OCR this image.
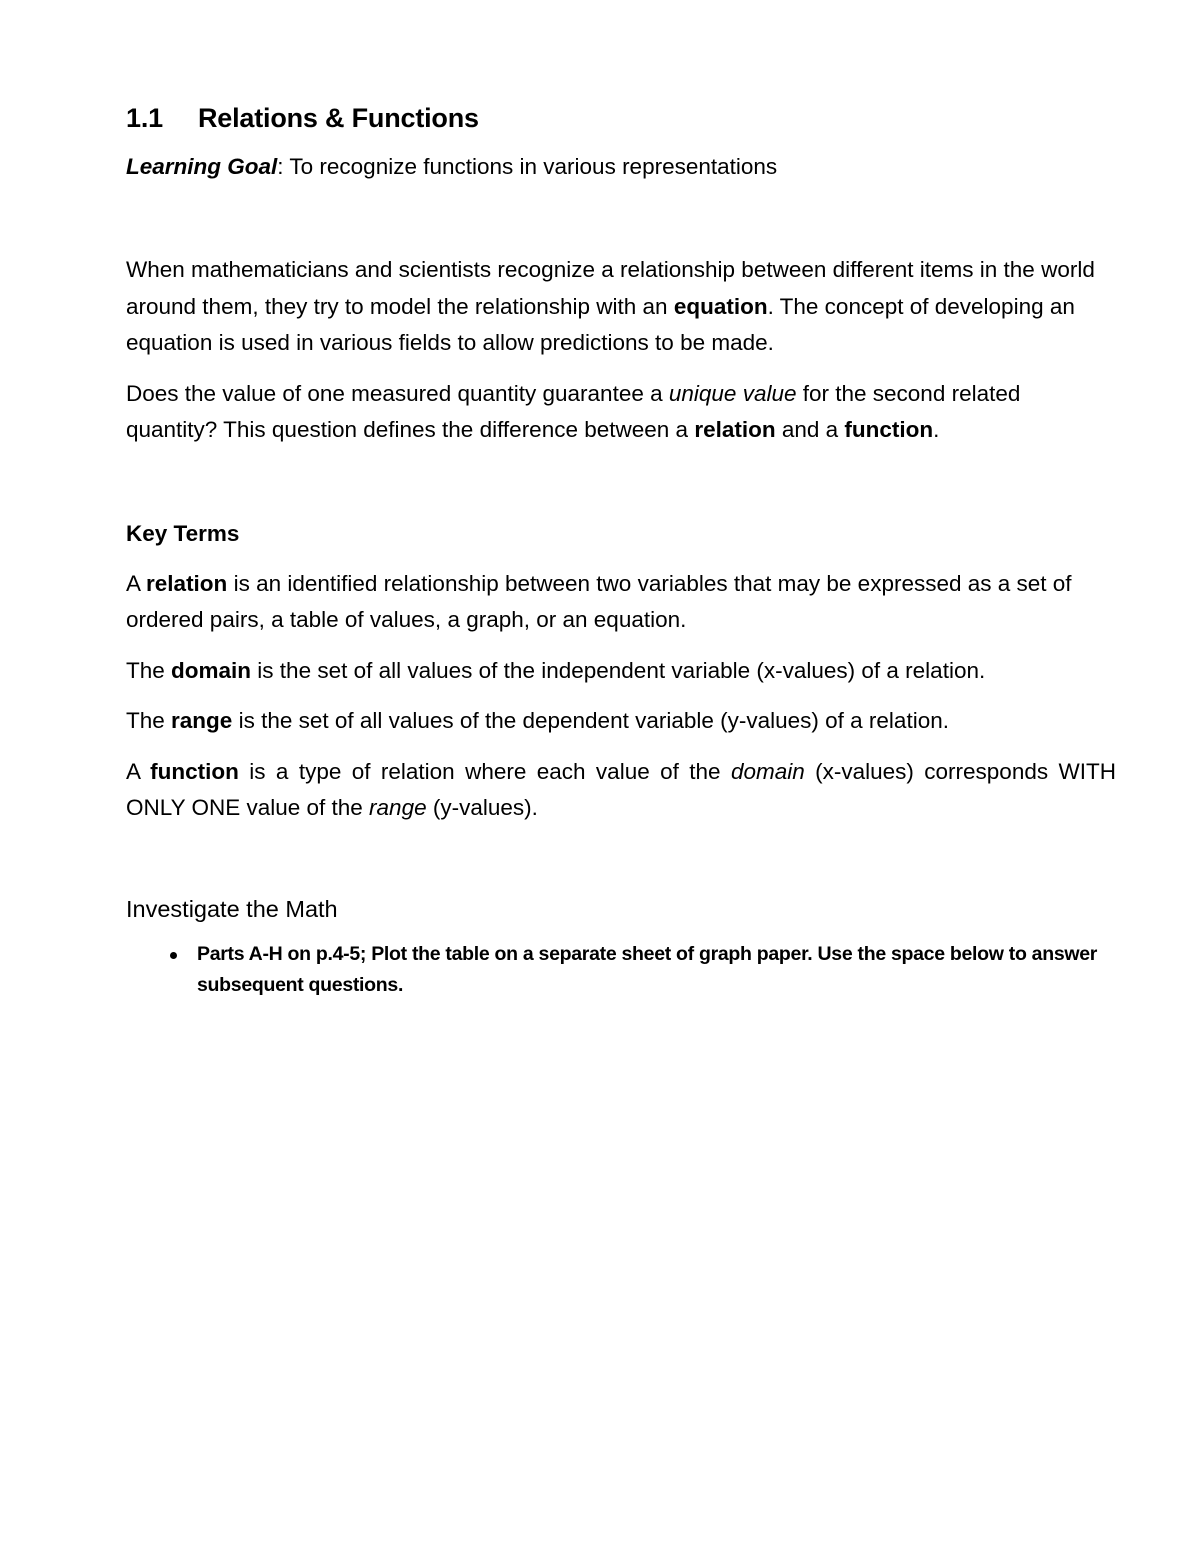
1.1 Relations & Functions
Learning Goal: To recognize functions in various representations

When mathematicians and scientists recognize a relationship between different items in the world around them, they try to model the relationship with an equation. The concept of developing an equation is used in various fields to allow predictions to be made.

Does the value of one measured quantity guarantee a unique value for the second related quantity? This question defines the difference between a relation and a function.

Key Terms

A relation is an identified relationship between two variables that may be expressed as a set of ordered pairs, a table of values, a graph, or an equation.

The domain is the set of all values of the independent variable (x-values) of a relation.

The range is the set of all values of the dependent variable (y-values) of a relation.

A function is a type of relation where each value of the domain (x-values) corresponds WITH ONLY ONE value of the range (y-values).

Investigate the Math
Parts A-H on p.4-5; Plot the table on a separate sheet of graph paper. Use the space below to answer subsequent questions.
